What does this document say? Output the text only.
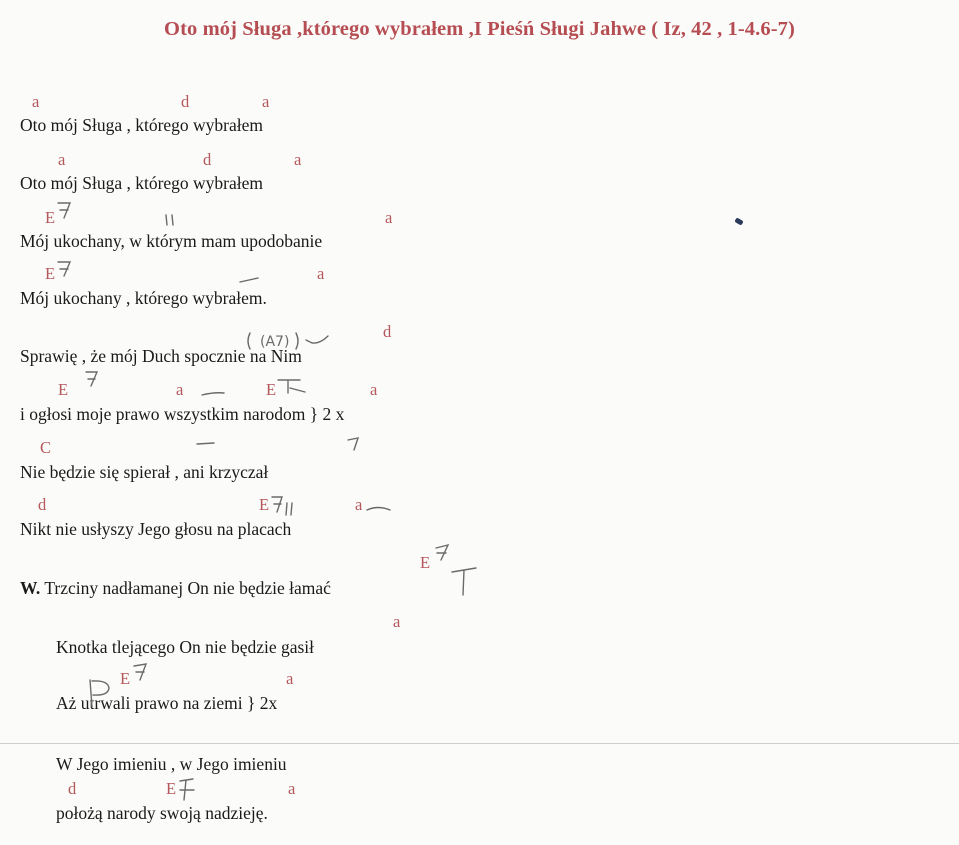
Oto mój Sługa ,którego wybrałem ,I Pieśń Sługi Jahwe ( Iz, 42 , 1-4.6-7)
a	d	a
Oto mój Sługa , którego wybrałem
a	d	a
Oto mój Sługa , którego wybrałem
E	a
Mój ukochany, w którym mam upodobanie
E	a
Mój ukochany , którego wybrałem.
d
Sprawię , że mój Duch spocznie na Nim
E	a	E	a
i ogłosi moje prawo wszystkim narodom } 2 x
C
Nie będzie się spierał , ani krzyczał
d	E	a
Nikt nie usłyszy Jego głosu na placach
E
W. Trzciny nadłamanej On nie będzie łamać
a
Knotka tlejącego On nie będzie gasił
E	a
Aż utrwali prawo na ziemi } 2x
W Jego imieniu , w Jego imieniu
d	E	a
położą narody swoją nadzieję.
(A7)
